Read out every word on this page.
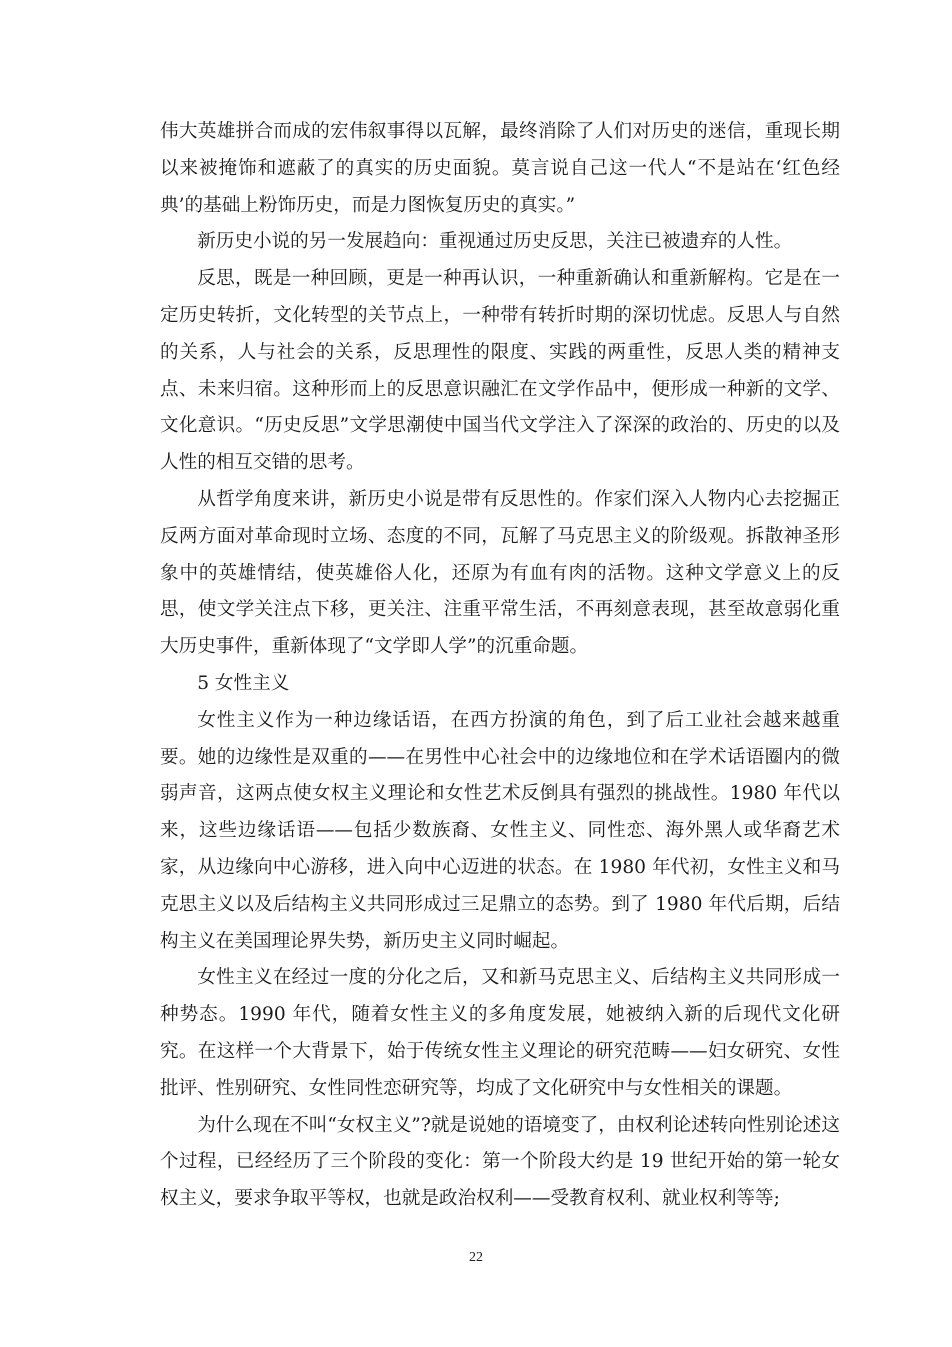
伟大英雄拼合而成的宏伟叙事得以瓦解，最终消除了人们对历史的迷信，重现长期以来被掩饰和遮蔽了的真实的历史面貌。莫言说自己这一代人“不是站在‘红色经典’的基础上粉饰历史，而是力图恢复历史的真实。”

新历史小说的另一发展趋向：重视通过历史反思，关注已被遗弃的人性。

反思，既是一种回顾，更是一种再认识，一种重新确认和重新解构。它是在一定历史转折，文化转型的关节点上，一种带有转折时期的深切忧虑。反思人与自然的关系，人与社会的关系，反思理性的限度、实践的两重性，反思人类的精神支点、未来归宿。这种形而上的反思意识融汇在文学作品中，便形成一种新的文学、文化意识。“历史反思”文学思潮使中国当代文学注入了深深的政治的、历史的以及人性的相互交错的思考。

从哲学角度来讲，新历史小说是带有反思性的。作家们深入人物内心去挖掘正反两方面对革命现时立场、态度的不同，瓦解了马克思主义的阶级观。拆散神圣形象中的英雄情结，使英雄俗人化，还原为有血有肉的活物。这种文学意义上的反思，使文学关注点下移，更关注、注重平常生活，不再刻意表现，甚至故意弱化重大历史事件，重新体现了“文学即人学”的沉重命题。

5 女性主义

女性主义作为一种边缘话语，在西方扮演的角色，到了后工业社会越来越重要。她的边缘性是双重的——在男性中心社会中的边缘地位和在学术话语圈内的微弱声音，这两点使女权主义理论和女性艺术反倒具有强烈的挑战性。1980 年代以来，这些边缘话语——包括少数族裔、女性主义、同性恋、海外黑人或华裔艺术家，从边缘向中心游移，进入向中心迈进的状态。在 1980 年代初，女性主义和马克思主义以及后结构主义共同形成过三足鼎立的态势。到了 1980 年代后期，后结构主义在美国理论界失势，新历史主义同时崛起。

女性主义在经过一度的分化之后，又和新马克思主义、后结构主义共同形成一种势态。1990 年代，随着女性主义的多角度发展，她被纳入新的后现代文化研究。在这样一个大背景下，始于传统女性主义理论的研究范畴——妇女研究、女性批评、性别研究、女性同性恋研究等，均成了文化研究中与女性相关的课题。

为什么现在不叫“女权主义”?就是说她的语境变了，由权利论述转向性别论述这个过程，已经经历了三个阶段的变化：第一个阶段大约是 19 世纪开始的第一轮女权主义，要求争取平等权，也就是政治权利——受教育权利、就业权利等等;

22
